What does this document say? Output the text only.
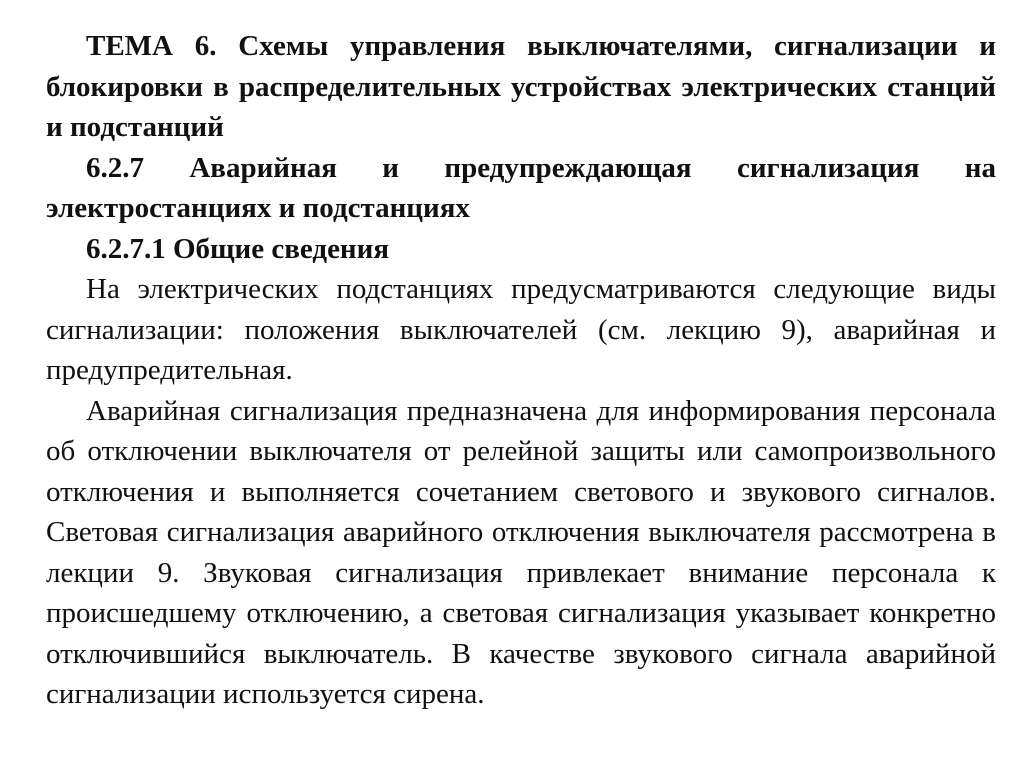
ТЕМА 6. Схемы управления выключателями, сигнализации и блокировки в распределительных устройствах электрических станций и подстанций

6.2.7 Аварийная и предупреждающая сигнализация на электростанциях и подстанциях

6.2.7.1 Общие сведения

На электрических подстанциях предусматриваются следующие виды сигнализации: положения выключателей (см. лекцию 9), аварийная и предупредительная.

Аварийная сигнализация предназначена для информирования персонала об отключении выключателя от релейной защиты или самопроизвольного отключения и выполняется сочетанием светового и звукового сигналов. Световая сигнализация аварийного отключения выключателя рассмотрена в лекции 9. Звуковая сигнализация привлекает внимание персонала к происшедшему отключению, а световая сигнализация указывает конкретно отключившийся выключатель. В качестве звукового сигнала аварийной сигнализации используется сирена.
